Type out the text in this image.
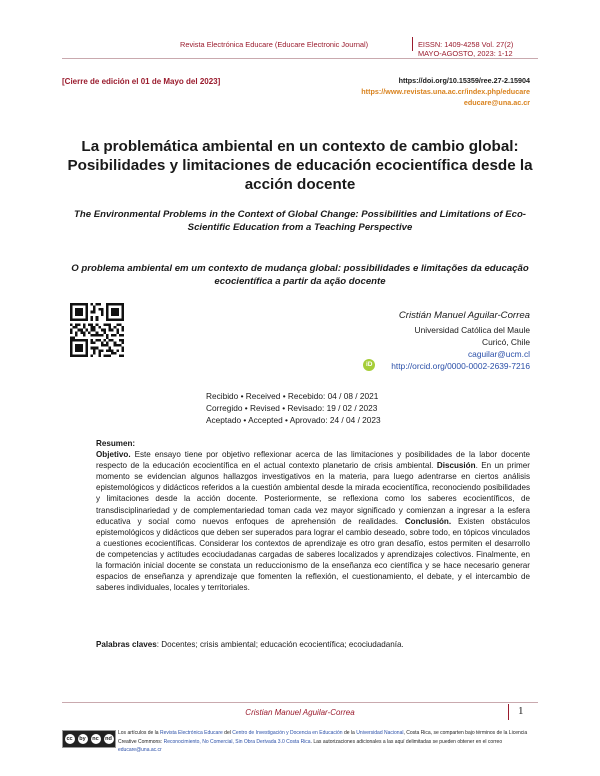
Revista Electrónica Educare (Educare Electronic Journal)	EISSN: 1409-4258 Vol. 27(2) MAYO-AGOSTO, 2023: 1-12
[Cierre de edición el 01 de Mayo del 2023]	https://doi.org/10.15359/ree.27-2.15904
https://www.revistas.una.ac.cr/index.php/educare
educare@una.ac.cr
La problemática ambiental en un contexto de cambio global: Posibilidades y limitaciones de educación ecocientífica desde la acción docente
The Environmental Problems in the Context of Global Change: Possibilities and Limitations of Eco-Scientific Education from a Teaching Perspective
O problema ambiental em um contexto de mudança global: possibilidades e limitações da educação ecocientífica a partir da ação docente
Cristián Manuel Aguilar-Correa
Universidad Católica del Maule
Curicó, Chile
caguilar@ucm.cl
iD	http://orcid.org/0000-0002-2639-7216
Recibido • Received • Recebido: 04 / 08 / 2021
Corregido • Revised • Revisado: 19 / 02 / 2023
Aceptado • Accepted • Aprovado: 24 / 04 / 2023
Resumen:
Objetivo. Este ensayo tiene por objetivo reflexionar acerca de las limitaciones y posibilidades de la labor docente respecto de la educación ecocientífica en el actual contexto planetario de crisis ambiental. Discusión. En un primer momento se evidencian algunos hallazgos investigativos en la materia, para luego adentrarse en ciertos análisis epistemológicos y didácticos referidos a la cuestión ambiental desde la mirada ecocientífica, reconociendo posibilidades y limitaciones desde la acción docente. Posteriormente, se reflexiona como los saberes ecocientíficos, de transdisciplinariedad y de complementariedad toman cada vez mayor significado y comienzan a ingresar a la esfera educativa y social como nuevos enfoques de aprehensión de realidades. Conclusión. Existen obstáculos epistemológicos y didácticos que deben ser superados para lograr el cambio deseado, sobre todo, en tópicos vinculados a cuestiones ecocientíficas. Considerar los contextos de aprendizaje es otro gran desafío, estos permiten el desarrollo de competencias y actitudes ecociudadanas cargadas de saberes localizados y aprendizajes colectivos. Finalmente, en la formación inicial docente se constata un reduccionismo de la enseñanza eco científica y se hace necesario generar espacios de enseñanza y aprendizaje que fomenten la reflexión, el cuestionamiento, el debate, y el intercambio de saberes individuales, locales y territoriales.
Palabras claves: Docentes; crisis ambiental; educación ecocientífica; ecociudadanía.
Cristian Manuel Aguilar-Correa	1
cc	by	nc	nd
Los artículos de la Revista Electrónica Educare del Centro de Investigación y Docencia en Educación de la Universidad Nacional, Costa Rica, se comparten bajo términos de la Licencia Creative Commons: Reconocimiento, No Comercial, Sin Obra Derivada 3.0 Costa Rica. Las autorizaciones adicionales a las aquí delimitadas se pueden obtener en el correo educare@una.ac.cr
